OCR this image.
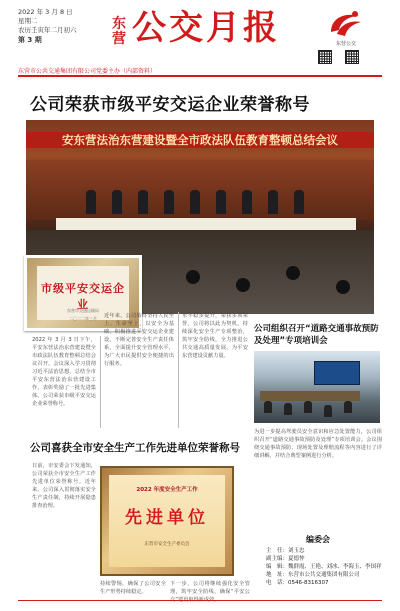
2022 年 3 月 8 日
星期二
农历壬寅年二月初六
第 3 期
东营 公交月报	东营公交
东营市公共交通集团有限公司党委主办（内部资料）
公司荣获市级平安交运企业荣誉称号
安东营法治东营建设暨全市政法队伍教育整顿总结会议
市级平安交运企业
东营市交通运输局
二〇二二年三月
2022 年 3 月 3 日下午，平安东营法治东营建设暨全市政法队伍教育整顿总结会议召开。会议深入学习贯彻习近平法治思想，总结全市平安东营法治东营建设工作，表彰奖励了一批先进集体。公司荣获市级平安交运企业荣誉称号。
近年来，公司始终坚持人民至上、生命至上，以安全为基础，积极推进平安交运企业建设，不断完善安全生产责任体系，全面提升安全管理水平，为广大市民提供安全便捷的出行服务。
水平稳步提升，荣获多项荣誉。公司将以此为契机，持续深化安全生产专项整治，筑牢安全防线，全力推进公共交通高质量发展，为平安东营建设贡献力量。
公司组织召开“道路交通事故预防及处理”专项培训会
为进一步提高驾驶员安全意识和应急处置能力，公司组织召开“道路交通事故预防及处理”专项培训会。会议围绕交通事故预防、现场处置及理赔流程等内容进行了详细讲解，并结合典型案例进行分析。
公司喜获全市安全生产工作先进单位荣誉称号
日前，市安委会下发通知，公司荣获全市安全生产工作先进单位荣誉称号。近年来，公司深入贯彻落实安全生产责任制，持续开展隐患排查治理。
2022 年度安全生产工作
先进单位
东营市安全生产委员会
持续警惕，确保了公司安全生产形势持续稳定。
下一步，公司将继续强化安全管理，筑牢安全防线，确保“平安公
编委会
主　任：刘玉忠
副主编：夏德忡
编　辑：魏群霞、王艳、刘冰、李海玉、李国祥
地　址：东营市公共交通集团有限公司
电　话：0546-8316307
